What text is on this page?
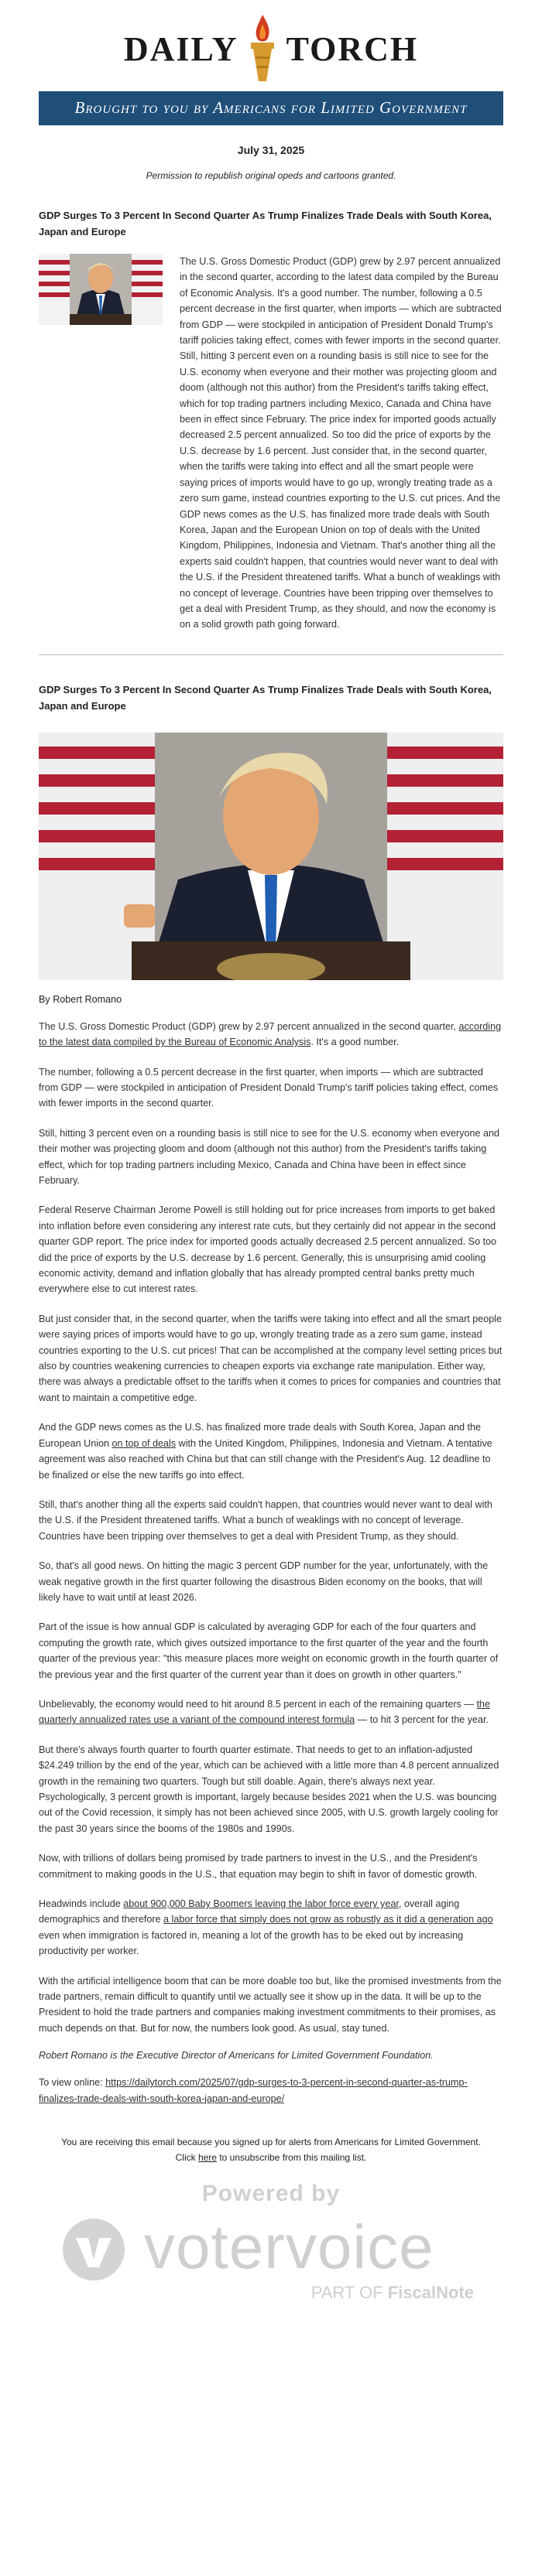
DAILY TORCH
Brought to you by Americans for Limited Government
July 31, 2025
Permission to republish original opeds and cartoons granted.
GDP Surges To 3 Percent In Second Quarter As Trump Finalizes Trade Deals with South Korea, Japan and Europe
The U.S. Gross Domestic Product (GDP) grew by 2.97 percent annualized in the second quarter, according to the latest data compiled by the Bureau of Economic Analysis. It's a good number. The number, following a 0.5 percent decrease in the first quarter, when imports — which are subtracted from GDP — were stockpiled in anticipation of President Donald Trump's tariff policies taking effect, comes with fewer imports in the second quarter. Still, hitting 3 percent even on a rounding basis is still nice to see for the U.S. economy when everyone and their mother was projecting gloom and doom (although not this author) from the President's tariffs taking effect, which for top trading partners including Mexico, Canada and China have been in effect since February. The price index for imported goods actually decreased 2.5 percent annualized. So too did the price of exports by the U.S. decrease by 1.6 percent. Just consider that, in the second quarter, when the tariffs were taking into effect and all the smart people were saying prices of imports would have to go up, wrongly treating trade as a zero sum game, instead countries exporting to the U.S. cut prices. And the GDP news comes as the U.S. has finalized more trade deals with South Korea, Japan and the European Union on top of deals with the United Kingdom, Philippines, Indonesia and Vietnam. That's another thing all the experts said couldn't happen, that countries would never want to deal with the U.S. if the President threatened tariffs. What a bunch of weaklings with no concept of leverage. Countries have been tripping over themselves to get a deal with President Trump, as they should, and now the economy is on a solid growth path going forward.
GDP Surges To 3 Percent In Second Quarter As Trump Finalizes Trade Deals with South Korea, Japan and Europe
By Robert Romano

The U.S. Gross Domestic Product (GDP) grew by 2.97 percent annualized in the second quarter, according to the latest data compiled by the Bureau of Economic Analysis. It's a good number.

The number, following a 0.5 percent decrease in the first quarter, when imports — which are subtracted from GDP — were stockpiled in anticipation of President Donald Trump's tariff policies taking effect, comes with fewer imports in the second quarter.

Still, hitting 3 percent even on a rounding basis is still nice to see for the U.S. economy when everyone and their mother was projecting gloom and doom (although not this author) from the President's tariffs taking effect, which for top trading partners including Mexico, Canada and China have been in effect since February.

Federal Reserve Chairman Jerome Powell is still holding out for price increases from imports to get baked into inflation before even considering any interest rate cuts, but they certainly did not appear in the second quarter GDP report. The price index for imported goods actually decreased 2.5 percent annualized. So too did the price of exports by the U.S. decrease by 1.6 percent. Generally, this is unsurprising amid cooling economic activity, demand and inflation globally that has already prompted central banks pretty much everywhere else to cut interest rates.

But just consider that, in the second quarter, when the tariffs were taking into effect and all the smart people were saying prices of imports would have to go up, wrongly treating trade as a zero sum game, instead countries exporting to the U.S. cut prices! That can be accomplished at the company level setting prices but also by countries weakening currencies to cheapen exports via exchange rate manipulation. Either way, there was always a predictable offset to the tariffs when it comes to prices for companies and countries that want to maintain a competitive edge.

And the GDP news comes as the U.S. has finalized more trade deals with South Korea, Japan and the European Union on top of deals with the United Kingdom, Philippines, Indonesia and Vietnam. A tentative agreement was also reached with China but that can still change with the President's Aug. 12 deadline to be finalized or else the new tariffs go into effect.

Still, that's another thing all the experts said couldn't happen, that countries would never want to deal with the U.S. if the President threatened tariffs. What a bunch of weaklings with no concept of leverage. Countries have been tripping over themselves to get a deal with President Trump, as they should.

So, that's all good news. On hitting the magic 3 percent GDP number for the year, unfortunately, with the weak negative growth in the first quarter following the disastrous Biden economy on the books, that will likely have to wait until at least 2026.

Part of the issue is how annual GDP is calculated by averaging GDP for each of the four quarters and computing the growth rate, which gives outsized importance to the first quarter of the year and the fourth quarter of the previous year: "this measure places more weight on economic growth in the fourth quarter of the previous year and the first quarter of the current year than it does on growth in other quarters."

Unbelievably, the economy would need to hit around 8.5 percent in each of the remaining quarters — the quarterly annualized rates use a variant of the compound interest formula — to hit 3 percent for the year.

But there's always fourth quarter to fourth quarter estimate. That needs to get to an inflation-adjusted $24.249 trillion by the end of the year, which can be achieved with a little more than 4.8 percent annualized growth in the remaining two quarters. Tough but still doable. Again, there's always next year. Psychologically, 3 percent growth is important, largely because besides 2021 when the U.S. was bouncing out of the Covid recession, it simply has not been achieved since 2005, with U.S. growth largely cooling for the past 30 years since the booms of the 1980s and 1990s.

Now, with trillions of dollars being promised by trade partners to invest in the U.S., and the President's commitment to making goods in the U.S., that equation may begin to shift in favor of domestic growth.

Headwinds include about 900,000 Baby Boomers leaving the labor force every year, overall aging demographics and therefore a labor force that simply does not grow as robustly as it did a generation ago even when immigration is factored in, meaning a lot of the growth has to be eked out by increasing productivity per worker.

With the artificial intelligence boom that can be more doable too but, like the promised investments from the trade partners, remain difficult to quantify until we actually see it show up in the data. It will be up to the President to hold the trade partners and companies making investment commitments to their promises, as much depends on that. But for now, the numbers look good. As usual, stay tuned.

Robert Romano is the Executive Director of Americans for Limited Government Foundation.
To view online: https://dailytorch.com/2025/07/gdp-surges-to-3-percent-in-second-quarter-as-trump-finalizes-trade-deals-with-south-korea-japan-and-europe/
You are receiving this email because you signed up for alerts from Americans for Limited Government.
Click here to unsubscribe from this mailing list.
Powered by
votervoice
PART OF FiscalNote
